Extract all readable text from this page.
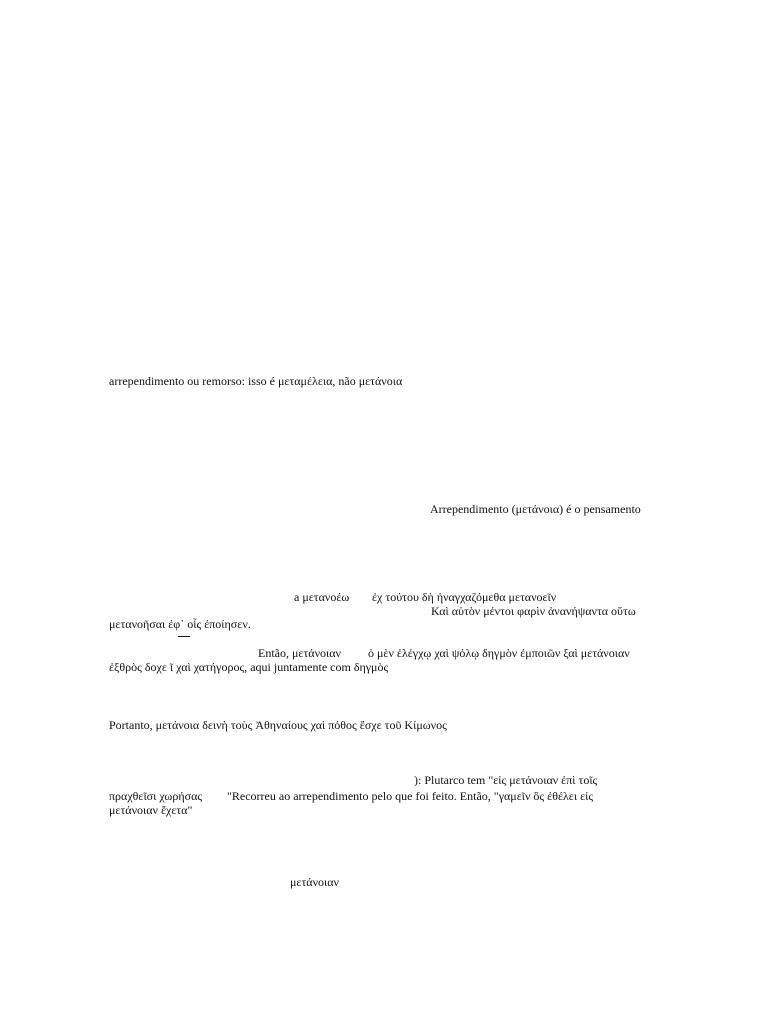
arrependimento ou remorso: isso é μεταμέλεια, não μετάνοια
Arrependimento (μετάνοια) é o pensamento
a μετανοέω ἐχ τούτου δὴ ἠναγχαζόμεθα μετανοεῖν
Καὶ αὐτὸν μέντοι φαρὶν ἀνανήψαντα οὕτω
μετανοῆσαι ἐφ᾽ οἷς ἐποίησεν.
Então, μετάνοιαν ὁ μὲν ἐλέγχῳ χαὶ ψόλῳ δηγμὸν ἐμποιῶν ξαὶ μετάνοιαν
ἐξθρὸς δοχε ῖ χαὶ χατήγορος, aqui juntamente com δηγμὸς
Portanto, μετάνοια δεινὴ τοὺς Ἀθηναίους χαὶ πόθος ἔσχε τοῦ Κίμωνος
): Plutarco tem "εἰς μετάνοιαν ἐπὶ τοῖς
πραχθεῖσι χωρήσας "Recorreu ao arrependimento pelo que foi feito. Então, "γαμεῖν ὃς ἐθέλει εἰς
μετάνοιαν ἔχετα"
μετάνοιαν
